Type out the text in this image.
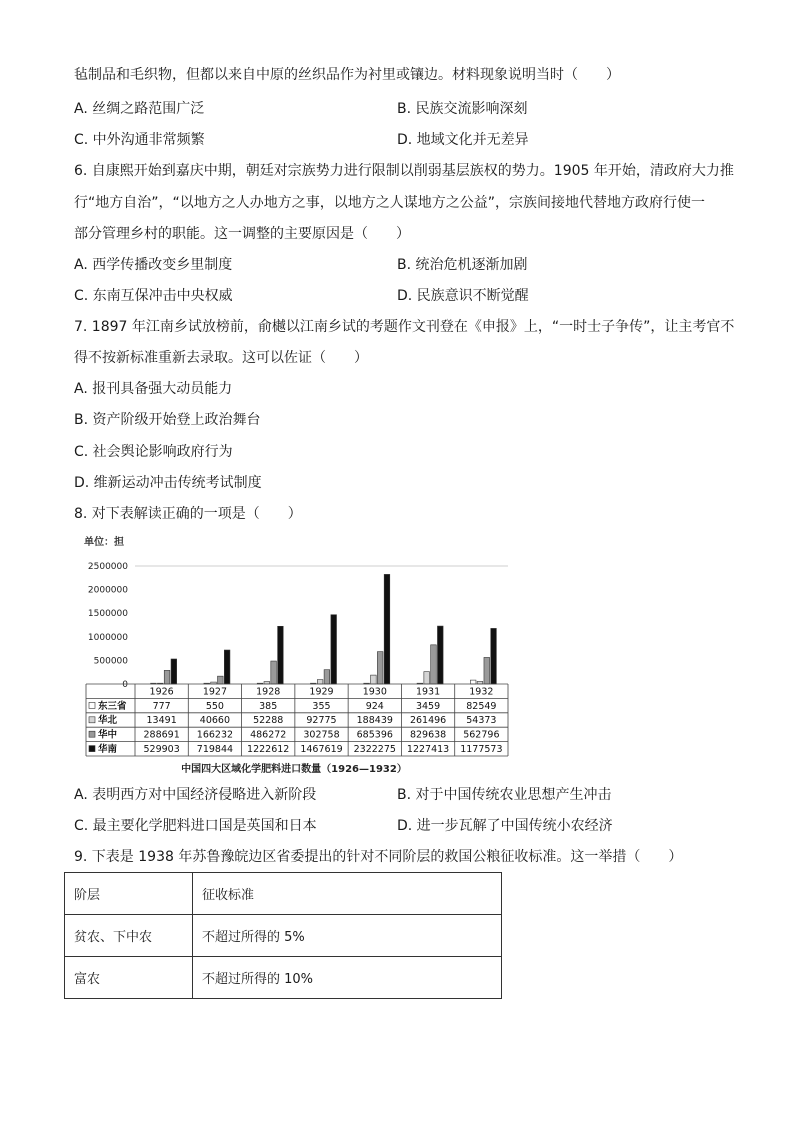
毡制品和毛织物，但都以来自中原的丝织品作为衬里或镶边。材料现象说明当时（　　）
A. 丝绸之路范围广泛	B. 民族交流影响深刻
C. 中外沟通非常频繁	D. 地域文化并无差异
6. 自康熙开始到嘉庆中期，朝廷对宗族势力进行限制以削弱基层族权的势力。1905 年开始，清政府大力推
行“地方自治”，“以地方之人办地方之事，以地方之人谋地方之公益”，宗族间接地代替地方政府行使一
部分管理乡村的职能。这一调整的主要原因是（　　）
A. 西学传播改变乡里制度	B. 统治危机逐渐加剧
C. 东南互保冲击中央权威	D. 民族意识不断觉醒
7. 1897 年江南乡试放榜前，俞樾以江南乡试的考题作文刊登在《申报》上，“一时士子争传”，让主考官不
得不按新标准重新去录取。这可以佐证（　　）
A. 报刊具备强大动员能力
B. 资产阶级开始登上政治舞台
C. 社会舆论影响政府行为
D. 维新运动冲击传统考试制度
8. 对下表解读正确的一项是（　　）
单位：担
2500000
2000000
1500000
1000000
500000
0
1926	1927	1928	1929	1930	1931	1932
东三省	777	550	385	355	924	3459	82549
华北	13491 40660 52288 92775 188439 261496 54373
华中	288691 166232 486272 302758 685396 829638 562796
华南	529903 719844 1222612 1467619 2322275 1227413 1177573
中国四大区域化学肥料进口数量（1926—1932）
A. 表明西方对中国经济侵略进入新阶段	B. 对于中国传统农业思想产生冲击
C. 最主要化学肥料进口国是英国和日本	D. 进一步瓦解了中国传统小农经济
9. 下表是 1938 年苏鲁豫皖边区省委提出的针对不同阶层的救国公粮征收标准。这一举措（　　）
阶层	征收标准
贫农、下中农	不超过所得的 5%
富农	不超过所得的 10%
